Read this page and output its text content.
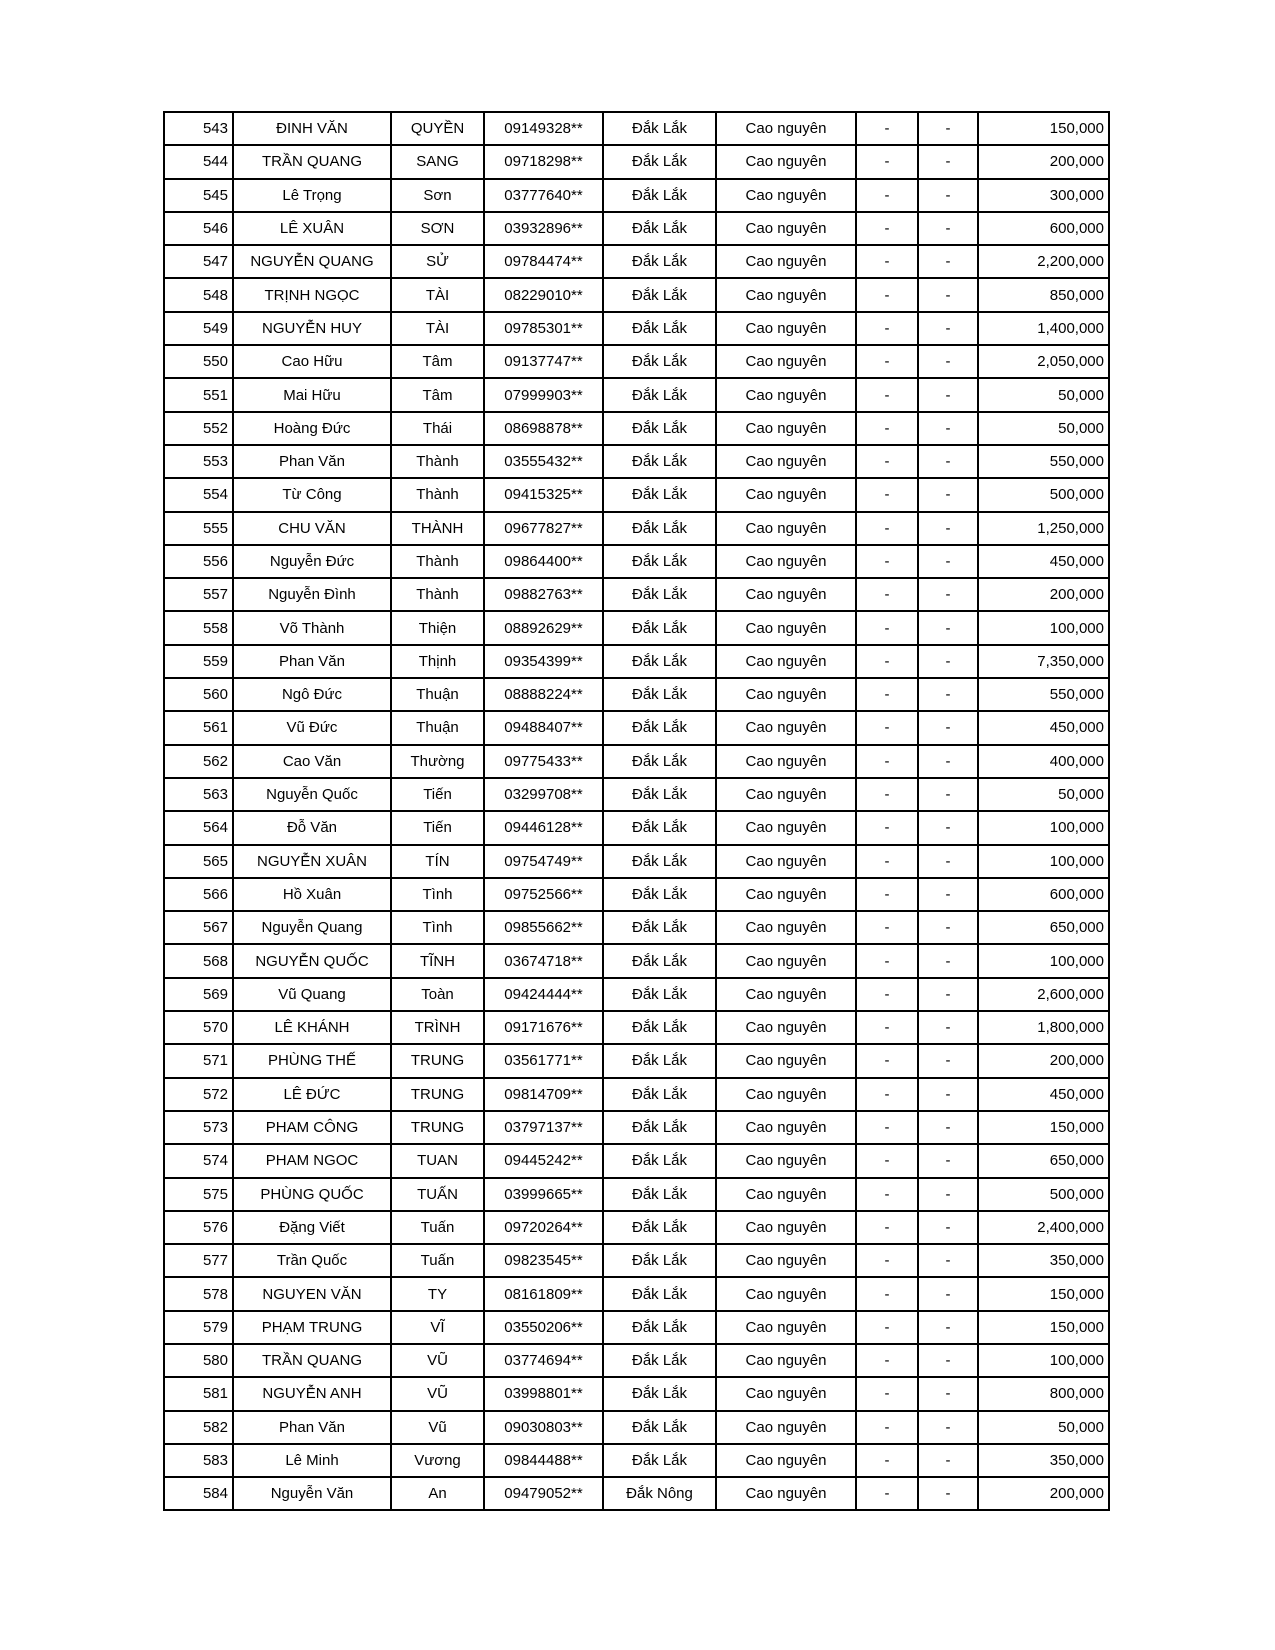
543	ĐINH VĂN	QUYỀN	09149328**	Đắk Lắk	Cao nguyên	-	-	150,000
544	TRẦN QUANG	SANG	09718298**	Đắk Lắk	Cao nguyên	-	-	200,000
545	Lê Trọng	Sơn	03777640**	Đắk Lắk	Cao nguyên	-	-	300,000
546	LÊ XUÂN	SƠN	03932896**	Đắk Lắk	Cao nguyên	-	-	600,000
547	NGUYỄN QUANG	SỬ	09784474**	Đắk Lắk	Cao nguyên	-	-	2,200,000
548	TRỊNH NGỌC	TÀI	08229010**	Đắk Lắk	Cao nguyên	-	-	850,000
549	NGUYỄN HUY	TÀI	09785301**	Đắk Lắk	Cao nguyên	-	-	1,400,000
550	Cao Hữu	Tâm	09137747**	Đắk Lắk	Cao nguyên	-	-	2,050,000
551	Mai Hữu	Tâm	07999903**	Đắk Lắk	Cao nguyên	-	-	50,000
552	Hoàng Đức	Thái	08698878**	Đắk Lắk	Cao nguyên	-	-	50,000
553	Phan Văn	Thành	03555432**	Đắk Lắk	Cao nguyên	-	-	550,000
554	Từ Công	Thành	09415325**	Đắk Lắk	Cao nguyên	-	-	500,000
555	CHU VĂN	THÀNH	09677827**	Đắk Lắk	Cao nguyên	-	-	1,250,000
556	Nguyễn Đức	Thành	09864400**	Đắk Lắk	Cao nguyên	-	-	450,000
557	Nguyễn Đình	Thành	09882763**	Đắk Lắk	Cao nguyên	-	-	200,000
558	Võ Thành	Thiện	08892629**	Đắk Lắk	Cao nguyên	-	-	100,000
559	Phan Văn	Thịnh	09354399**	Đắk Lắk	Cao nguyên	-	-	7,350,000
560	Ngô Đức	Thuận	08888224**	Đắk Lắk	Cao nguyên	-	-	550,000
561	Vũ Đức	Thuận	09488407**	Đắk Lắk	Cao nguyên	-	-	450,000
562	Cao Văn	Thường	09775433**	Đắk Lắk	Cao nguyên	-	-	400,000
563	Nguyễn Quốc	Tiến	03299708**	Đắk Lắk	Cao nguyên	-	-	50,000
564	Đỗ Văn	Tiến	09446128**	Đắk Lắk	Cao nguyên	-	-	100,000
565	NGUYỄN XUÂN	TÍN	09754749**	Đắk Lắk	Cao nguyên	-	-	100,000
566	Hồ Xuân	Tình	09752566**	Đắk Lắk	Cao nguyên	-	-	600,000
567	Nguyễn Quang	Tình	09855662**	Đắk Lắk	Cao nguyên	-	-	650,000
568	NGUYỄN QUỐC	TĨNH	03674718**	Đắk Lắk	Cao nguyên	-	-	100,000
569	Vũ Quang	Toàn	09424444**	Đắk Lắk	Cao nguyên	-	-	2,600,000
570	LÊ KHÁNH	TRÌNH	09171676**	Đắk Lắk	Cao nguyên	-	-	1,800,000
571	PHÙNG THẾ	TRUNG	03561771**	Đắk Lắk	Cao nguyên	-	-	200,000
572	LÊ ĐỨC	TRUNG	09814709**	Đắk Lắk	Cao nguyên	-	-	450,000
573	PHAM CÔNG	TRUNG	03797137**	Đắk Lắk	Cao nguyên	-	-	150,000
574	PHAM NGOC	TUAN	09445242**	Đắk Lắk	Cao nguyên	-	-	650,000
575	PHÙNG QUỐC	TUẤN	03999665**	Đắk Lắk	Cao nguyên	-	-	500,000
576	Đặng Viết	Tuấn	09720264**	Đắk Lắk	Cao nguyên	-	-	2,400,000
577	Trần Quốc	Tuấn	09823545**	Đắk Lắk	Cao nguyên	-	-	350,000
578	NGUYEN VĂN	TY	08161809**	Đắk Lắk	Cao nguyên	-	-	150,000
579	PHẠM TRUNG	VĨ	03550206**	Đắk Lắk	Cao nguyên	-	-	150,000
580	TRẦN QUANG	VŨ	03774694**	Đắk Lắk	Cao nguyên	-	-	100,000
581	NGUYỄN ANH	VŨ	03998801**	Đắk Lắk	Cao nguyên	-	-	800,000
582	Phan Văn	Vũ	09030803**	Đắk Lắk	Cao nguyên	-	-	50,000
583	Lê Minh	Vương	09844488**	Đắk Lắk	Cao nguyên	-	-	350,000
584	Nguyễn Văn	An	09479052**	Đắk Nông	Cao nguyên	-	-	200,000
